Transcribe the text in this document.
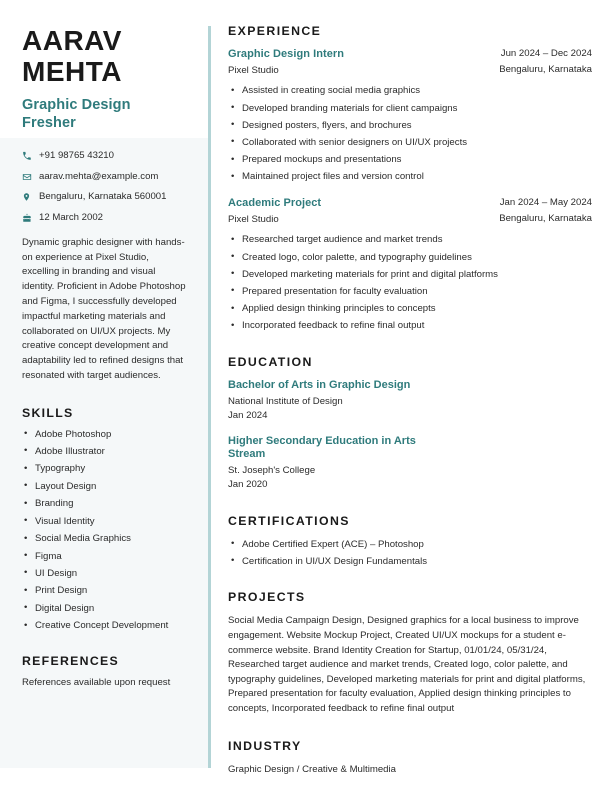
AARAV MEHTA
Graphic Design Fresher
+91 98765 43210
aarav.mehta@example.com
Bengaluru, Karnataka 560001
12 March 2002
Dynamic graphic designer with hands-on experience at Pixel Studio, excelling in branding and visual identity. Proficient in Adobe Photoshop and Figma, I successfully developed impactful marketing materials and collaborated on UI/UX projects. My creative concept development and adaptability led to refined designs that resonated with target audiences.
SKILLS
• Adobe Photoshop
• Adobe Illustrator
• Typography
• Layout Design
• Branding
• Visual Identity
• Social Media Graphics
• Figma
• UI Design
• Print Design
• Digital Design
• Creative Concept Development
REFERENCES
References available upon request
EXPERIENCE
Graphic Design Intern
Pixel Studio
Jun 2024 – Dec 2024
Bengaluru, Karnataka
• Assisted in creating social media graphics
• Developed branding materials for client campaigns
• Designed posters, flyers, and brochures
• Collaborated with senior designers on UI/UX projects
• Prepared mockups and presentations
• Maintained project files and version control
Academic Project
Pixel Studio
Jan 2024 – May 2024
Bengaluru, Karnataka
• Researched target audience and market trends
• Created logo, color palette, and typography guidelines
• Developed marketing materials for print and digital platforms
• Prepared presentation for faculty evaluation
• Applied design thinking principles to concepts
• Incorporated feedback to refine final output
EDUCATION
Bachelor of Arts in Graphic Design
National Institute of Design
Jan 2024
Higher Secondary Education in Arts Stream
St. Joseph's College
Jan 2020
CERTIFICATIONS
• Adobe Certified Expert (ACE) – Photoshop
• Certification in UI/UX Design Fundamentals
PROJECTS
Social Media Campaign Design, Designed graphics for a local business to improve engagement. Website Mockup Project, Created UI/UX mockups for a student e-commerce website. Brand Identity Creation for Startup, 01/01/24, 05/31/24, Researched target audience and market trends, Created logo, color palette, and typography guidelines, Developed marketing materials for print and digital platforms, Prepared presentation for faculty evaluation, Applied design thinking principles to concepts, Incorporated feedback to refine final output
INDUSTRY
Graphic Design / Creative & Multimedia
